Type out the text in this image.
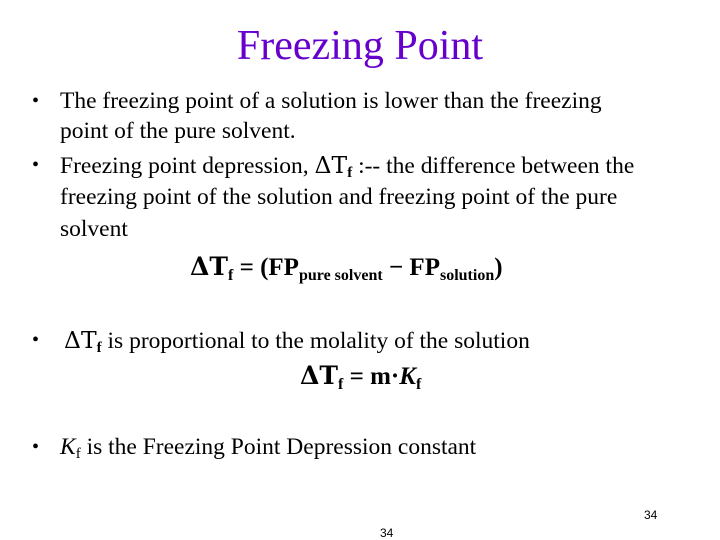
Freezing Point
• The freezing point of a solution is lower than the freezing
point of the pure solvent.
• Freezing point depression, ΔTf :-- the difference between the
freezing point of the solution and freezing point of the pure
solvent
$\Delta T_f = (FP_{pure solvent} - FP_{solution})$
• ΔTf is proportional to the molality of the solution
$\Delta T_f = m\cdot K_f$
• Kf is the Freezing Point Depression constant
34
34
